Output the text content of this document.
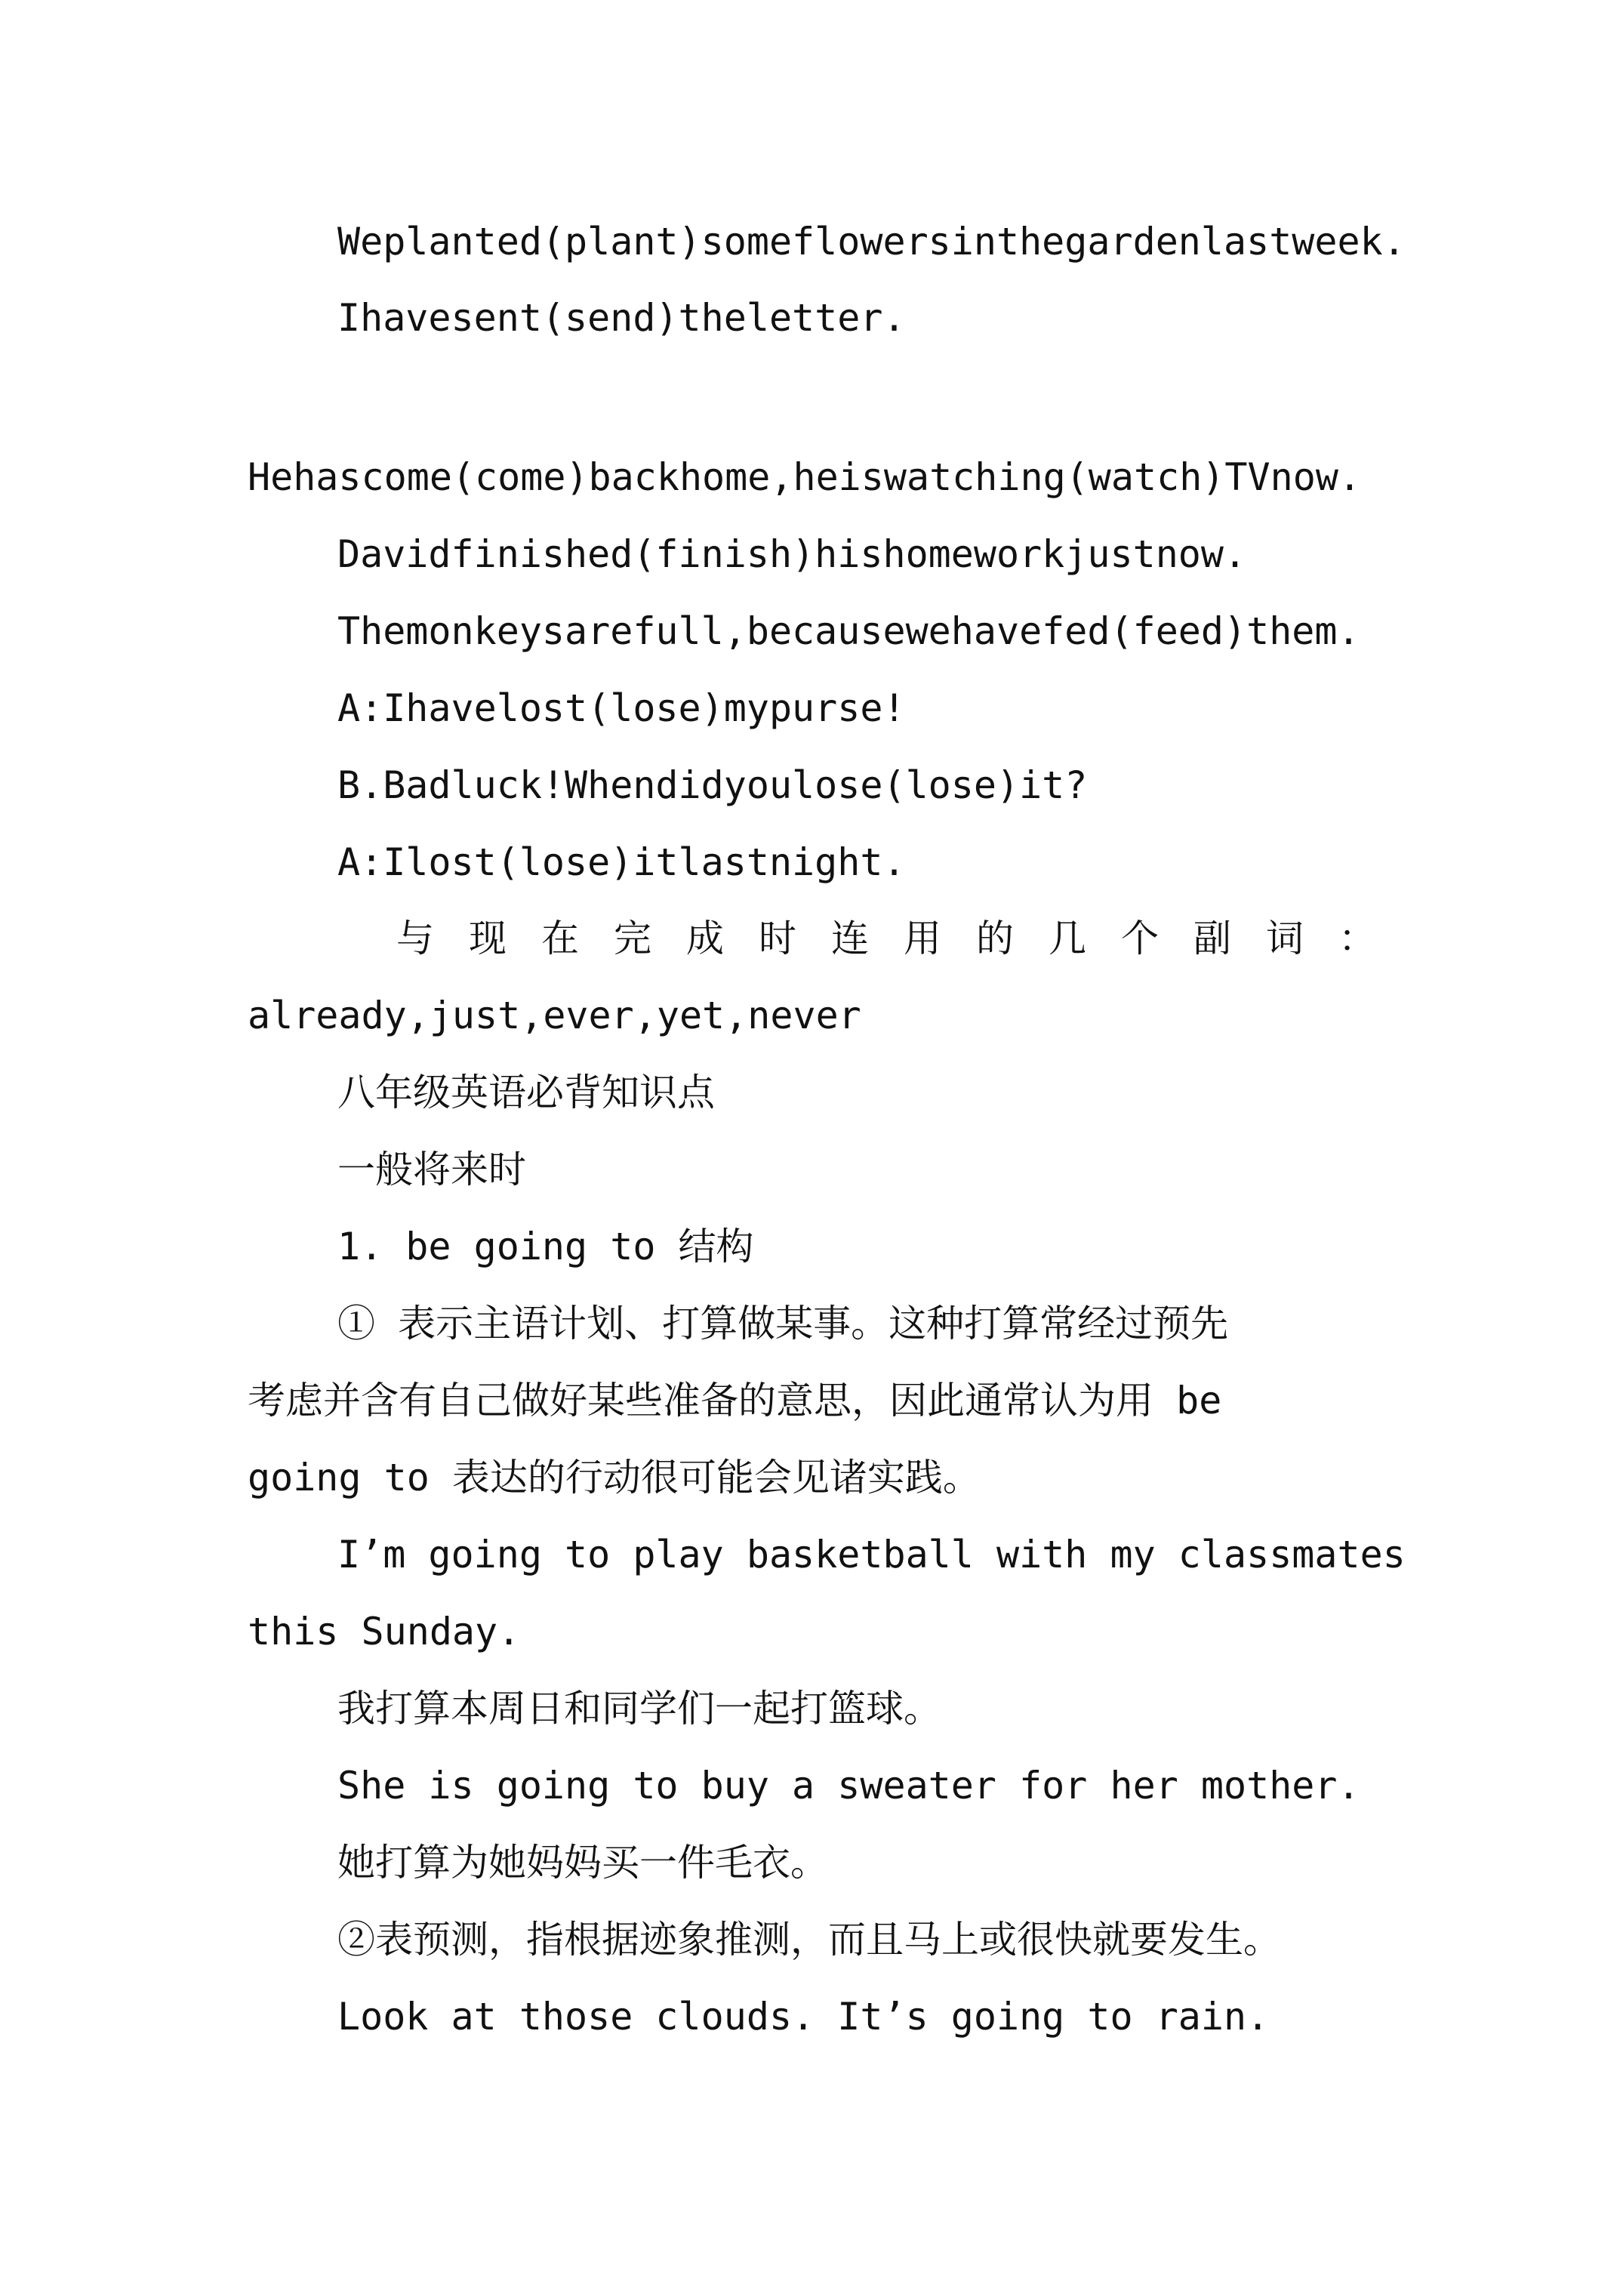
Weplanted(plant)someflowersinthegardenlastweek.
Ihavesent(send)theletter.
Hehascome(come)backhome,heiswatching(watch)TVnow.
Davidfinished(finish)hishomeworkjustnow.
Themonkeysarefull,becausewehavefed(feed)them.
A:Ihavelost(lose)mypurse!
B.Badluck!Whendidyoulose(lose)it?
A:Ilost(lose)itlastnight.
与 现 在 完 成 时 连 用 的 几 个 副 词 ：
already,just,ever,yet,never
八年级英语必背知识点
一般将来时
1. be going to 结构
① 表示主语计划、打算做某事。这种打算常经过预先
考虑并含有自己做好某些准备的意思，因此通常认为用 be
going to 表达的行动很可能会见诸实践。
I’m going to play basketball with my classmates
this Sunday.
我打算本周日和同学们一起打篮球。
She is going to buy a sweater for her mother.
她打算为她妈妈买一件毛衣。
②表预测，指根据迹象推测，而且马上或很快就要发生。
Look at those clouds. It’s going to rain.
